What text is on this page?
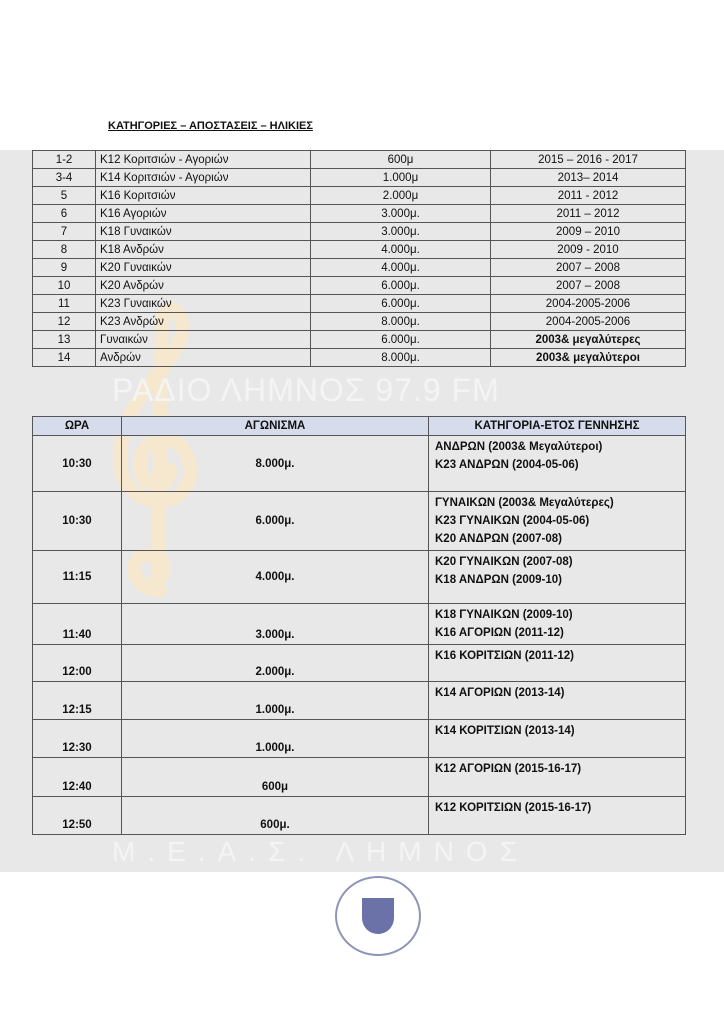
ΡΑΔΙΟ ΛΗΜΝΟΣ 97.9 FM
Μ.Ε.Α.Σ. ΛΗΜΝΟΣ
ΚΑΤΗΓΟΡΙΕΣ – ΑΠΟΣΤΑΣΕΙΣ – ΗΛΙΚΙΕΣ
1-2	Κ12 Κοριτσιών - Αγοριών	600μ	2015 – 2016 - 2017
3-4	Κ14 Κοριτσιών - Αγοριών	1.000μ	2013– 2014
5	Κ16 Κοριτσιών	2.000μ	2011 - 2012
6	Κ16 Αγοριών	3.000μ.	2011 – 2012
7	Κ18 Γυναικών	3.000μ.	2009 – 2010
8	Κ18 Ανδρών	4.000μ.	2009 - 2010
9	Κ20 Γυναικών	4.000μ.	2007 – 2008
10	Κ20 Ανδρών	6.000μ.	2007 – 2008
11	Κ23 Γυναικών	6.000μ.	2004-2005-2006
12	Κ23 Ανδρών	8.000μ.	2004-2005-2006
13	Γυναικών	6.000μ.	2003& μεγαλύτερες
14	Ανδρών	8.000μ.	2003& μεγαλύτεροι
ΩΡΑ	ΑΓΩΝΙΣΜΑ	ΚΑΤΗΓΟΡΙΑ-ΕΤΟΣ ΓΕΝΝΗΣΗΣ
10:30	8.000μ.	ΑΝΔΡΩΝ (2003& Μεγαλύτεροι)
Κ23 ΑΝΔΡΩΝ (2004-05-06)

10:30	6.000μ.	ΓΥΝΑΙΚΩΝ (2003& Μεγαλύτερες)
Κ23 ΓΥΝΑΙΚΩΝ (2004-05-06)
Κ20 ΑΝΔΡΩΝ (2007-08)

11:15	4.000μ.	Κ20 ΓΥΝΑΙΚΩΝ (2007-08)
Κ18 ΑΝΔΡΩΝ (2009-10)

11:40	3.000μ.	Κ18 ΓΥΝΑΙΚΩΝ (2009-10)
Κ16 ΑΓΟΡΙΩΝ (2011-12)

12:00	2.000μ.	Κ16 ΚΟΡΙΤΣΙΩΝ (2011-12)

12:15	1.000μ.	Κ14 ΑΓΟΡΙΩΝ (2013-14)

12:30	1.000μ.	Κ14 ΚΟΡΙΤΣΙΩΝ (2013-14)

12:40	600μ	Κ12 ΑΓΟΡΙΩΝ (2015-16-17)

12:50	600μ.	Κ12 ΚΟΡΙΤΣΙΩΝ (2015-16-17)
